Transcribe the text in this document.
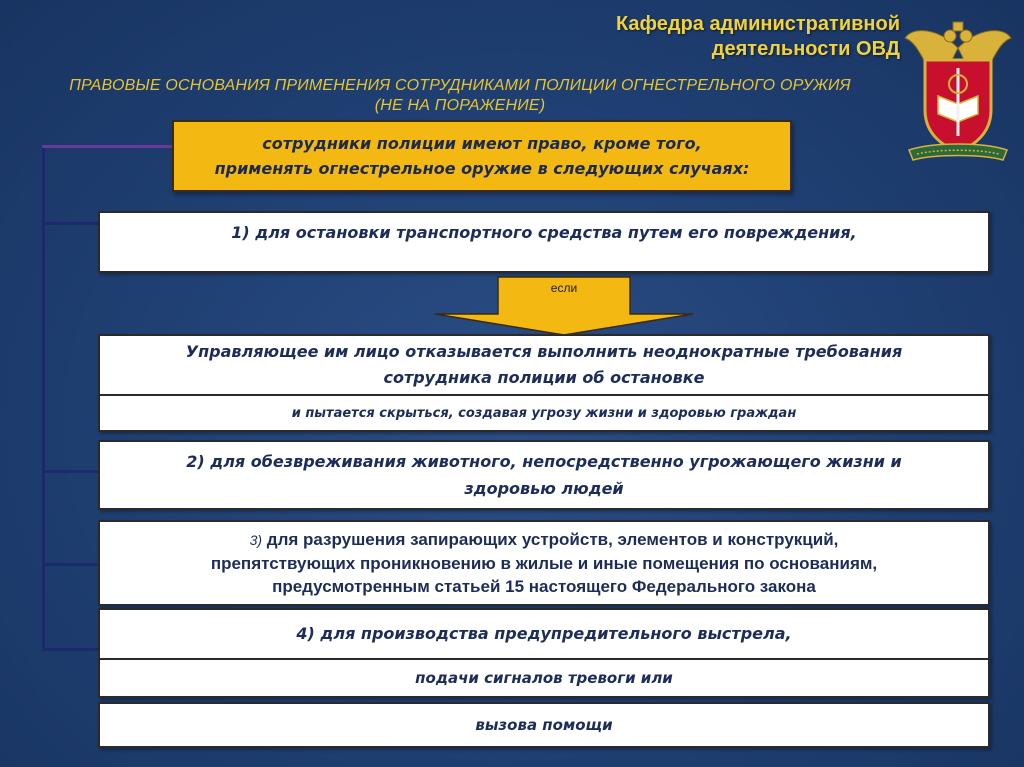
Кафедра административной
деятельности ОВД
ПРАВОВЫЕ ОСНОВАНИЯ ПРИМЕНЕНИЯ СОТРУДНИКАМИ ПОЛИЦИИ ОГНЕСТРЕЛЬНОГО ОРУЖИЯ
(НЕ НА ПОРАЖЕНИЕ)
сотрудники полиции имеют право, кроме того,
применять огнестрельное оружие в следующих случаях:
1) для остановки транспортного средства путем его повреждения,
если
Управляющее им лицо отказывается выполнить неоднократные требования
сотрудника полиции об остановке
и пытается скрыться, создавая угрозу жизни и здоровью граждан
2) для обезвреживания животного, непосредственно угрожающего жизни и
здоровью людей
3) для разрушения запирающих устройств, элементов и конструкций,
препятствующих проникновению в жилые и иные помещения по основаниям,
предусмотренным статьей 15 настоящего Федерального закона
4) для производства предупредительного выстрела,
подачи сигналов тревоги или
вызова помощи
